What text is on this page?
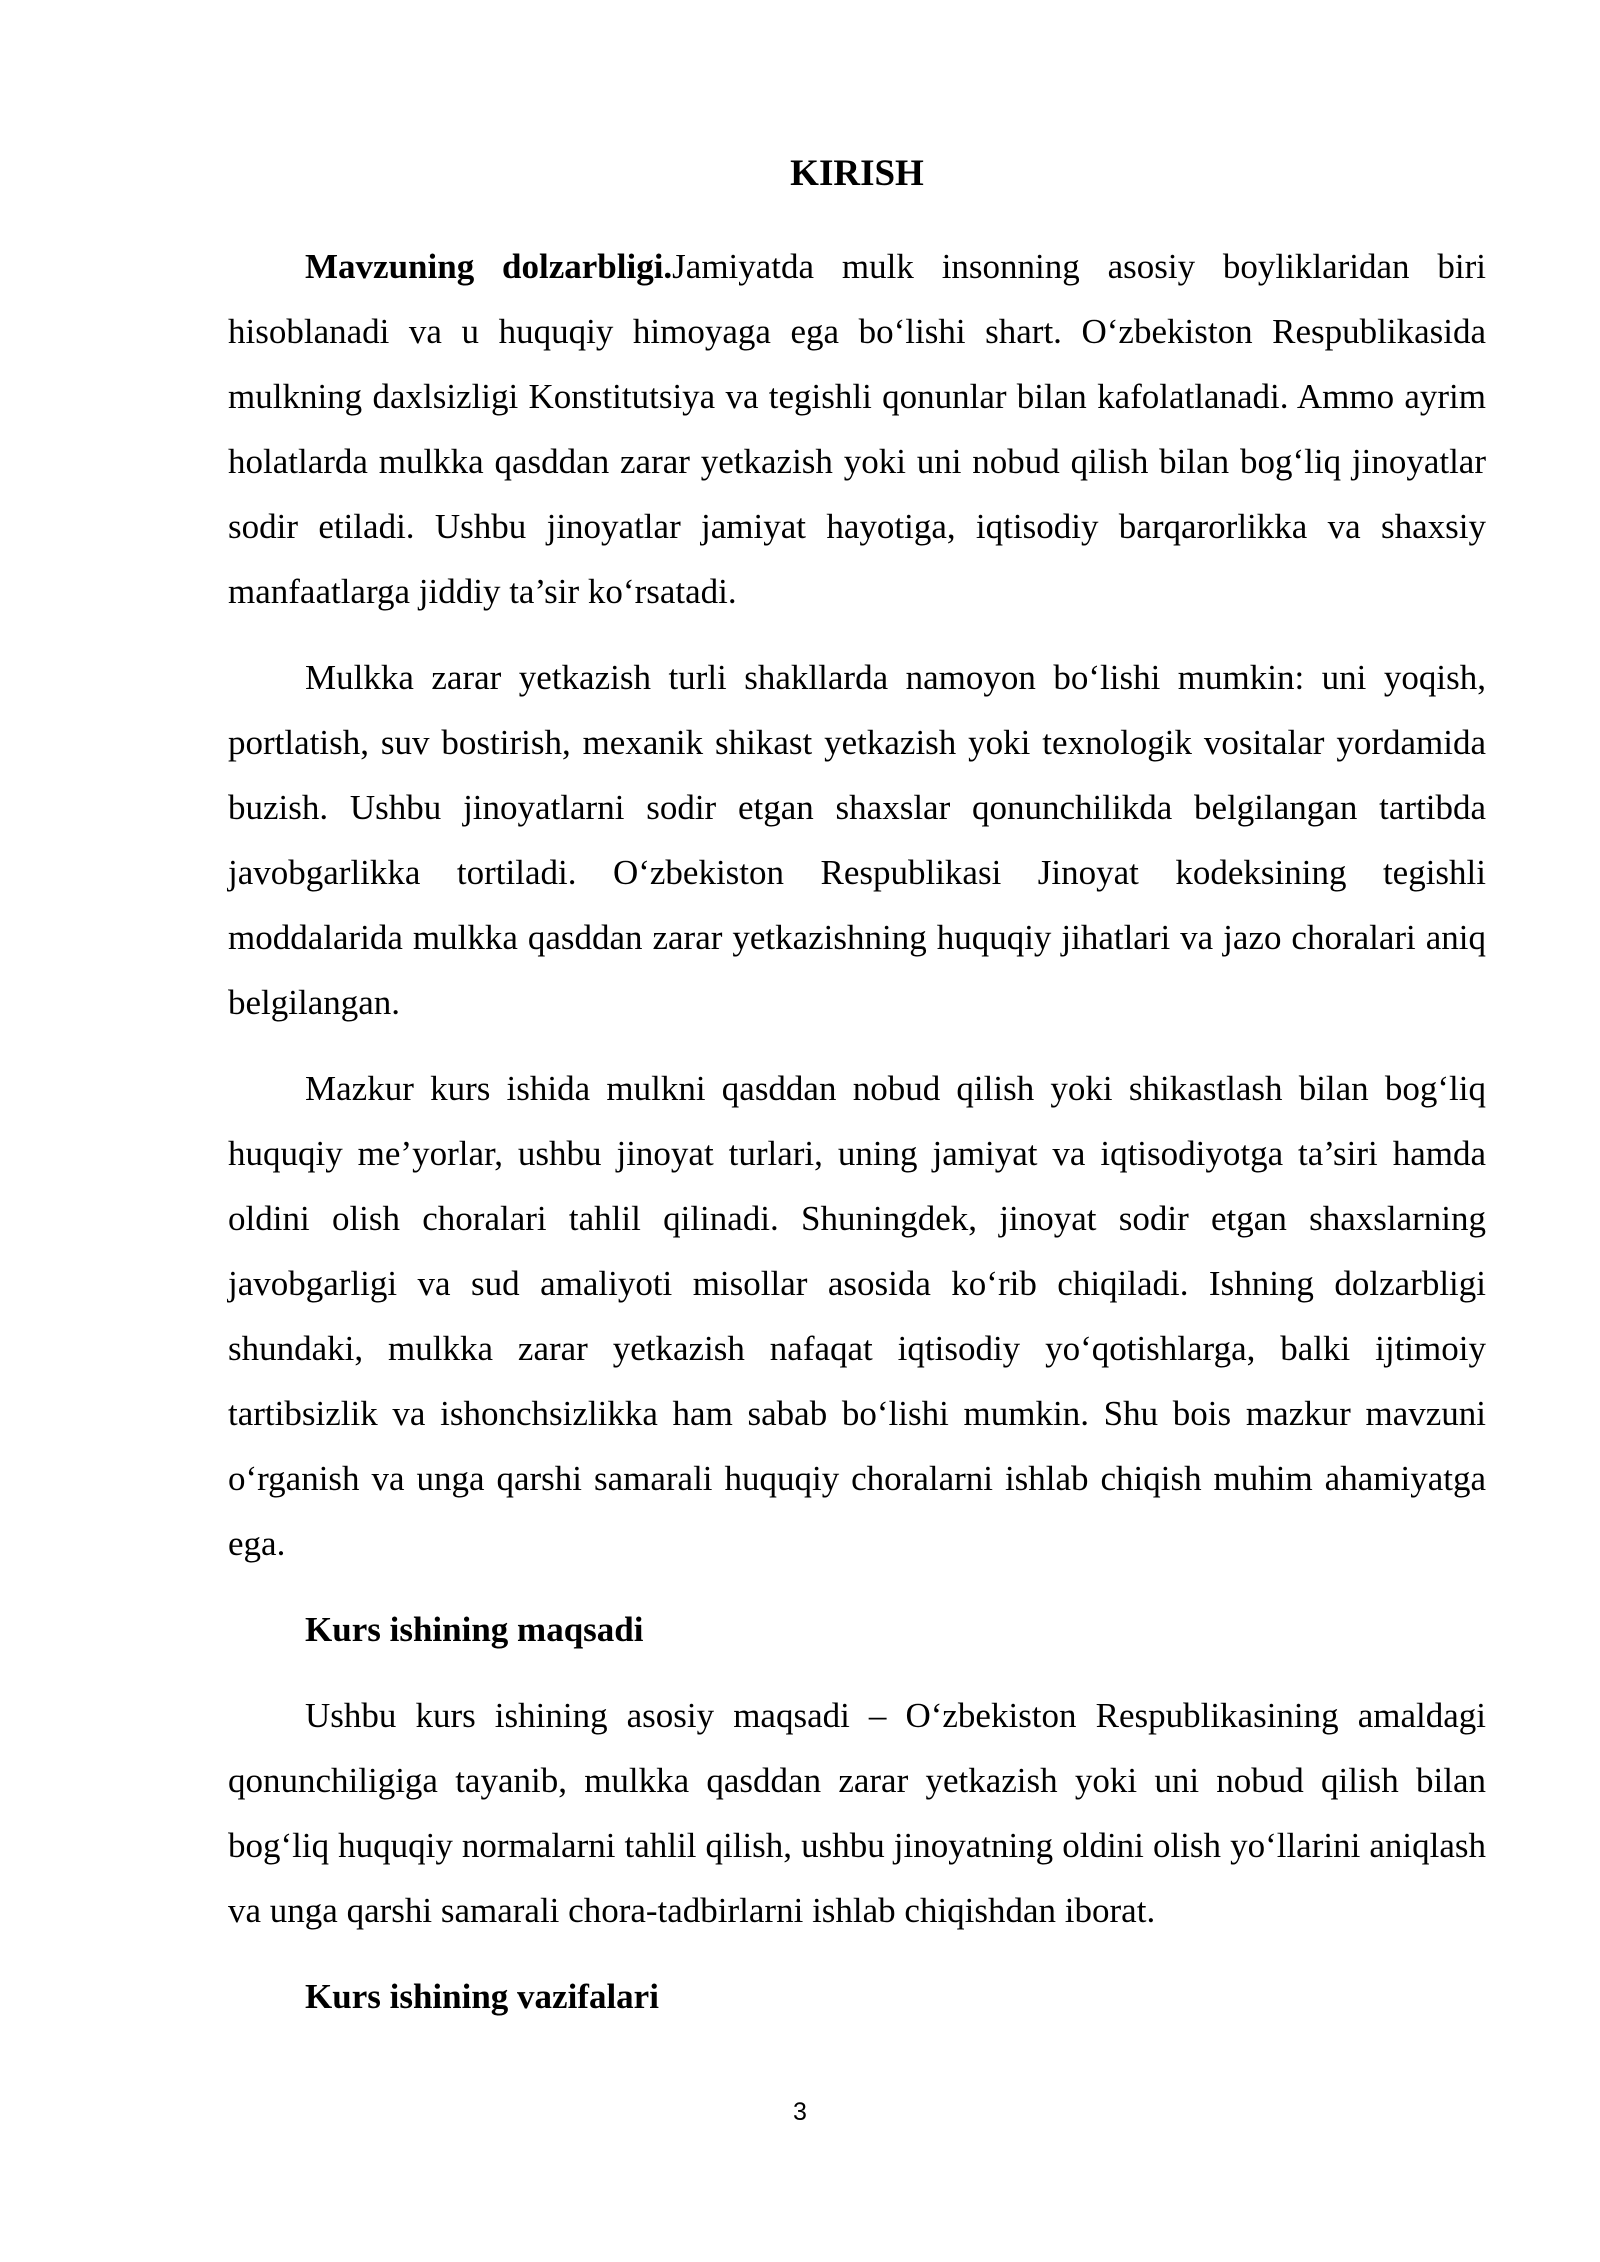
KIRISH

Mavzuning dolzarbligi.Jamiyatda mulk insonning asosiy boyliklaridan biri hisoblanadi va u huquqiy himoyaga ega bo‘lishi shart. O‘zbekiston Respublikasida mulkning daxlsizligi Konstitutsiya va tegishli qonunlar bilan kafolatlanadi. Ammo ayrim holatlarda mulkka qasddan zarar yetkazish yoki uni nobud qilish bilan bog‘liq jinoyatlar sodir etiladi. Ushbu jinoyatlar jamiyat hayotiga, iqtisodiy barqarorlikka va shaxsiy manfaatlarga jiddiy ta’sir ko‘rsatadi.

Mulkka zarar yetkazish turli shakllarda namoyon bo‘lishi mumkin: uni yoqish, portlatish, suv bostirish, mexanik shikast yetkazish yoki texnologik vositalar yordamida buzish. Ushbu jinoyatlarni sodir etgan shaxslar qonunchilikda belgilangan tartibda javobgarlikka tortiladi. O‘zbekiston Respublikasi Jinoyat kodeksining tegishli moddalarida mulkka qasddan zarar yetkazishning huquqiy jihatlari va jazo choralari aniq belgilangan.

Mazkur kurs ishida mulkni qasddan nobud qilish yoki shikastlash bilan bog‘liq huquqiy me’yorlar, ushbu jinoyat turlari, uning jamiyat va iqtisodiyotga ta’siri hamda oldini olish choralari tahlil qilinadi. Shuningdek, jinoyat sodir etgan shaxslarning javobgarligi va sud amaliyoti misollar asosida ko‘rib chiqiladi. Ishning dolzarbligi shundaki, mulkka zarar yetkazish nafaqat iqtisodiy yo‘qotishlarga, balki ijtimoiy tartibsizlik va ishonchsizlikka ham sabab bo‘lishi mumkin. Shu bois mazkur mavzuni o‘rganish va unga qarshi samarali huquqiy choralarni ishlab chiqish muhim ahamiyatga ega.

Kurs ishining maqsadi

Ushbu kurs ishining asosiy maqsadi – O‘zbekiston Respublikasining amaldagi qonunchiligiga tayanib, mulkka qasddan zarar yetkazish yoki uni nobud qilish bilan bog‘liq huquqiy normalarni tahlil qilish, ushbu jinoyatning oldini olish yo‘llarini aniqlash va unga qarshi samarali chora-tadbirlarni ishlab chiqishdan iborat.

Kurs ishining vazifalari
3
